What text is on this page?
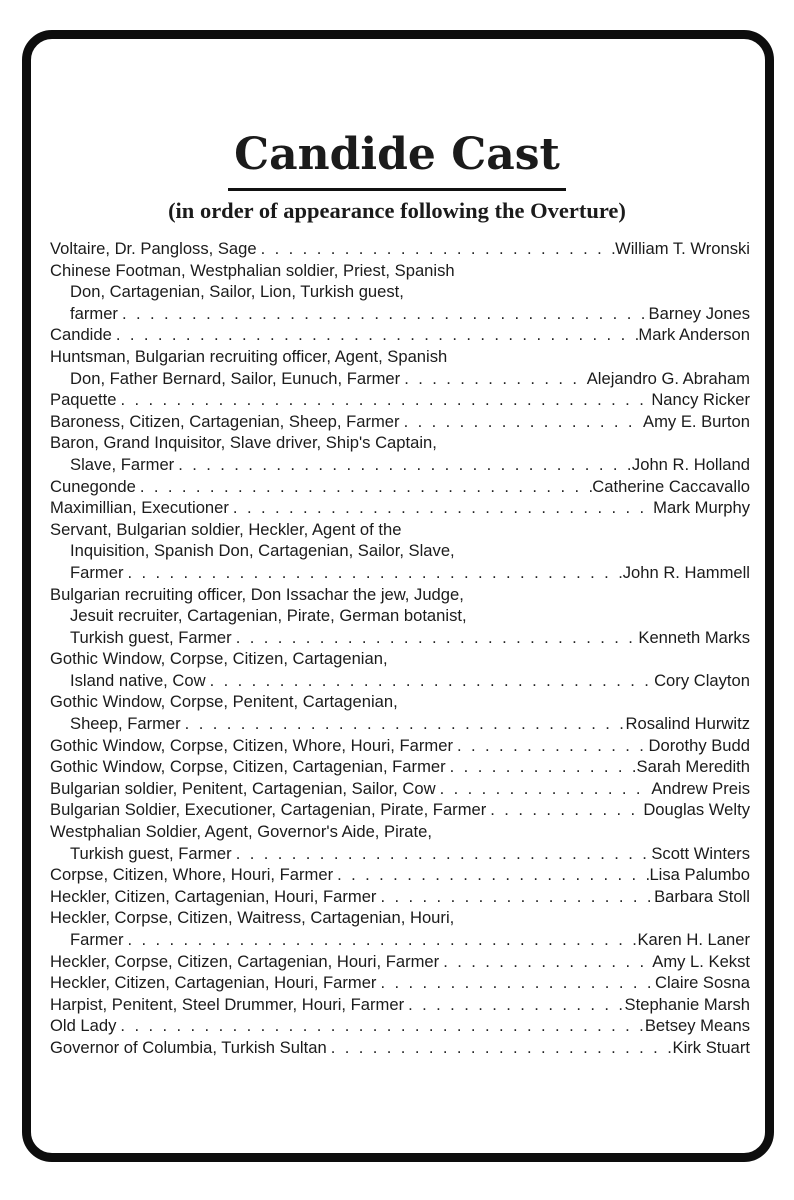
Candide Cast
(in order of appearance following the Overture)
Voltaire, Dr. Pangloss, Sage . . .	William T. Wronski
Chinese Footman, Westphalian soldier, Priest, Spanish
Don, Cartagenian, Sailor, Lion, Turkish guest,
farmer . . .	Barney Jones
Candide . . .	Mark Anderson
Huntsman, Bulgarian recruiting officer, Agent, Spanish
Don, Father Bernard, Sailor, Eunuch, Farmer . . .	Alejandro G. Abraham
Paquette . . .	Nancy Ricker
Baroness, Citizen, Cartagenian, Sheep, Farmer . . .	Amy E. Burton
Baron, Grand Inquisitor, Slave driver, Ship's Captain,
Slave, Farmer . . .	John R. Holland
Cunegonde . . .	Catherine Caccavallo
Maximillian, Executioner . . .	Mark Murphy
Servant, Bulgarian soldier, Heckler, Agent of the
Inquisition, Spanish Don, Cartagenian, Sailor, Slave,
Farmer . . .	John R. Hammell
Bulgarian recruiting officer, Don Issachar the jew, Judge,
Jesuit recruiter, Cartagenian, Pirate, German botanist,
Turkish guest, Farmer . . .	Kenneth Marks
Gothic Window, Corpse, Citizen, Cartagenian,
Island native, Cow . . .	Cory Clayton
Gothic Window, Corpse, Penitent, Cartagenian,
Sheep, Farmer . . .	Rosalind Hurwitz
Gothic Window, Corpse, Citizen, Whore, Houri, Farmer . . .	Dorothy Budd
Gothic Window, Corpse, Citizen, Cartagenian, Farmer . . .	Sarah Meredith
Bulgarian soldier, Penitent, Cartagenian, Sailor, Cow . . .	Andrew Preis
Bulgarian Soldier, Executioner, Cartagenian, Pirate, Farmer . . .	Douglas Welty
Westphalian Soldier, Agent, Governor's Aide, Pirate,
Turkish guest, Farmer . . .	Scott Winters
Corpse, Citizen, Whore, Houri, Farmer . . .	Lisa Palumbo
Heckler, Citizen, Cartagenian, Houri, Farmer . . .	Barbara Stoll
Heckler, Corpse, Citizen, Waitress, Cartagenian, Houri,
Farmer . . .	Karen H. Laner
Heckler, Corpse, Citizen, Cartagenian, Houri, Farmer . . .	Amy L. Kekst
Heckler, Citizen, Cartagenian, Houri, Farmer . . .	Claire Sosna
Harpist, Penitent, Steel Drummer, Houri, Farmer . . .	Stephanie Marsh
Old Lady . . .	Betsey Means
Governor of Columbia, Turkish Sultan . . .	Kirk Stuart
